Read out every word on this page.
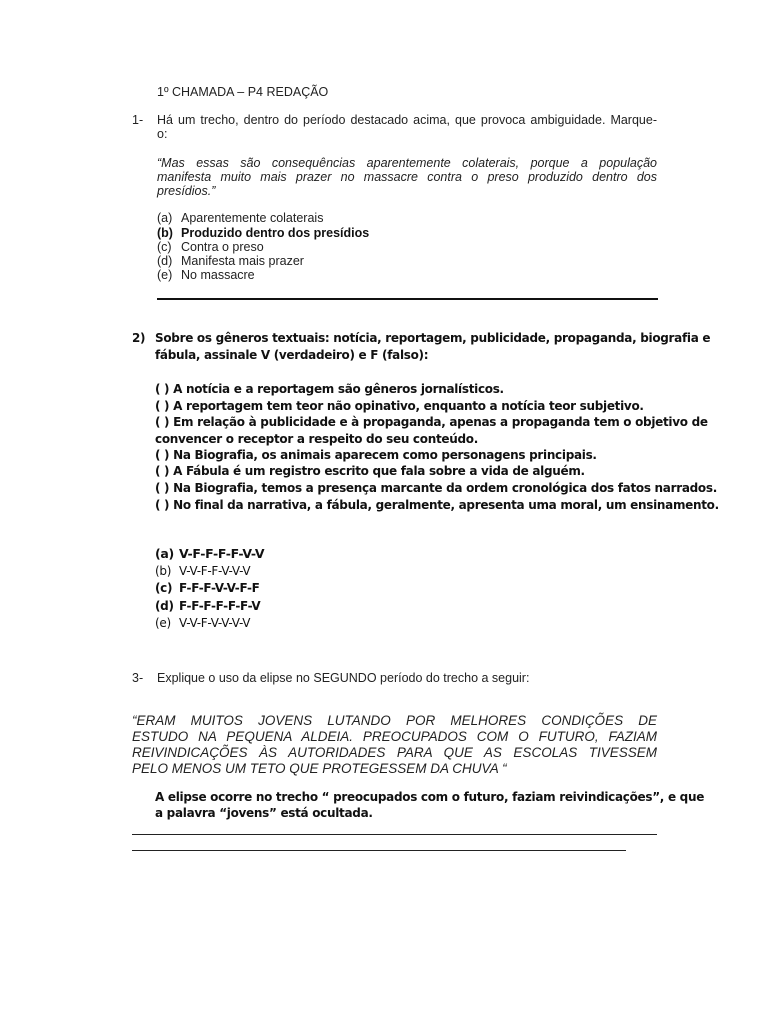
1º CHAMADA – P4 REDAÇÃO
1- Há um trecho, dentro do período destacado acima, que provoca ambiguidade. Marque-
o:
“Mas essas são consequências aparentemente colaterais, porque a população
manifesta muito mais prazer no massacre contra o preso produzido dentro dos
presídios.”
(a) Aparentemente colaterais
(b) Produzido dentro dos presídios
(c) Contra o preso
(d) Manifesta mais prazer
(e) No massacre
2) Sobre os gêneros textuais: notícia, reportagem, publicidade, propaganda, biografia e
fábula, assinale V (verdadeiro) e F (falso):
( ) A notícia e a reportagem são gêneros jornalísticos.
( ) A reportagem tem teor não opinativo, enquanto a notícia teor subjetivo.
( ) Em relação à publicidade e à propaganda, apenas a propaganda tem o objetivo de
convencer o receptor a respeito do seu conteúdo.
( ) Na Biografia, os animais aparecem como personagens principais.
( ) A Fábula é um registro escrito que fala sobre a vida de alguém.
( ) Na Biografia, temos a presença marcante da ordem cronológica dos fatos narrados.
( ) No final da narrativa, a fábula, geralmente, apresenta uma moral, um ensinamento.
(a) V-F-F-F-F-V-V
(b) V-V-F-F-V-V-V
(c) F-F-F-V-V-F-F
(d) F-F-F-F-F-F-V
(e) V-V-F-V-V-V-V
3- Explique o uso da elipse no SEGUNDO período do trecho a seguir:
“ERAM MUITOS JOVENS LUTANDO POR MELHORES CONDIÇÕES DE
ESTUDO NA PEQUENA ALDEIA. PREOCUPADOS COM O FUTURO, FAZIAM
REIVINDICAÇÕES ÀS AUTORIDADES PARA QUE AS ESCOLAS TIVESSEM
PELO MENOS UM TETO QUE PROTEGESSEM DA CHUVA “
A elipse ocorre no trecho “ preocupados com o futuro, faziam reivindicações”, e que
a palavra “jovens” está ocultada.
